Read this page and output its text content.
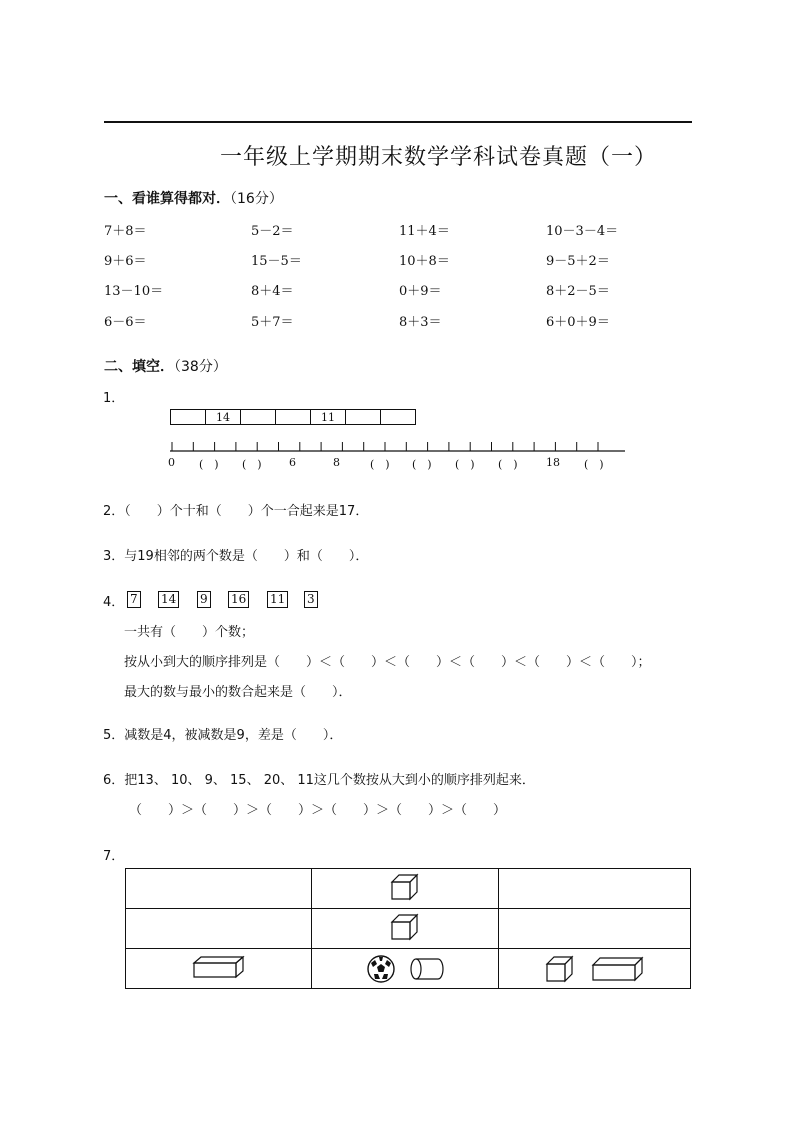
一年级上学期期末数学学科试卷真题（一）
一、看谁算得都对．（16分）
7＋8＝	5－2＝	11＋4＝	10－3－4＝
9＋6＝	15－5＝	10＋8＝	9－5＋2＝
13－10＝	8＋4＝	0＋9＝	8＋2－5＝
6－6＝	5＋7＝	8＋3＝	6＋0＋9＝
二、填空．（38分）
1．
14	11
0 (　) (　) 6	8	(　) (　) (　) (　)	18 (　)
2．（　　）个十和（　　）个一合起来是17．
3．与19相邻的两个数是（　　）和（　　）．
4． 7 14 9 16 11 3
一共有（　　）个数；
按从小到大的顺序排列是（　　）＜（　　）＜（　　）＜（　　）＜（　　）＜（　　）；
最大的数与最小的数合起来是（　　）．
5．减数是4，被减数是9，差是（　　）．
6．把13、 10、 9、 15、 20、 11这几个数按从大到小的顺序排列起来．
（　　）＞（　　）＞（　　）＞（　　）＞（　　）＞（　　）
7．
